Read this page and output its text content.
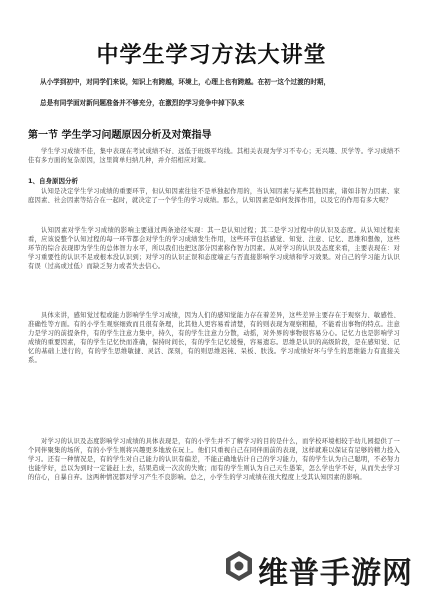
中学生学习方法大讲堂
从小学到初中，对同学们来说，知识上有跨越，环境上，心理上也有跨越。在初一这个过渡的时期，
总是有同学面对新问题准备并不够充分，在激烈的学习竞争中掉下队来
第一节 学生学习问题原因分析及对策指导
学生学习成绩不佳，集中表现在考试成绩不好、远低于班级平均线。其相关表现为学习不专心；无兴趣、厌学等。学习成绩不佳有多方面的复杂原因，这里简单归纳几种，并介绍相应对策。
1、自身原因分析
认知是决定学生学习成绩的重要环节，但认知因素往往不是单独起作用的，当认知因素与某些其他因素，诸如非智力因素、家庭因素、社会因素等结合在一起时，就决定了一个学生的学习成绩。那么，认知因素是如何发挥作用，以及它的作用有多大呢？
认知因素对学生学习成绩的影响主要通过两条途径实现：其一是认知过程；其二是学习过程中的认识及态度。从认知过程来看，应该说整个认知过程的每一环节都会对学生的学习成绩发生作用，这些环节包括感觉、知觉、注意、记忆、思维和想像，这些环节的综合表现即为学生的总体智力水平，所以我们也把这部分因素称作智力因素。从对学习的认识及态度来看，主要表现在：对学习重要性的认识不足或根本没认识到；对学习的认识正误和态度端正与否直接影响学习成绩和学习效果。对自己的学习能力认识有误（过高或过低）而缺乏努力或者失去信心。
具体来讲，感知觉过程或能力影响学生学习成绩，因为人们的感知觉能力存在着差异，这些差异主要存在于观察力、敏感性、准确性等方面。有的小学生观察细致而且很有条理，比其他人更容易看清楚，有的则表现为观察粗糙，不能看出事物的特点。注意力是学习的前提条件，有的学生注意力集中，持久，有的学生注意力分散，动摇，对外界的事物很容易分心。记忆力也是影响学习成绩的重要因素，有的学生记忆快而准确，保持时间长，有的学生记忆缓慢，容易遗忘。思维是认识的高级阶段，是在感知觉、记忆的基础上进行的，有的学生思维敏捷、灵活、深刻，有的则思维迟钝、呆板、肤浅。学习成绩好坏与学生的思维能力有直接关系。
对学习的认识及态度影响学习成绩的具体表现是，有的小学生并不了解学习的目的是什么，而学校环境相较于幼儿园提供了一个同伴聚集的场所，有的小学生则将兴趣更多地放在玩上。他们只重视自己在同伴面前的表现，这样就难以保证有足够的精力投入学习。还有一种情况是，有的学生对自己能力的认识有偏差，不能正确地估计自己的学习能力，有的学生认为自己聪明，不必努力也能学好，总以为到时一定能赶上去，结果造成一次次的失败；而有的学生则认为自己天生愚笨，怎么学也学不好，从而失去学习的信心，自暴自弃。这两种情况都对学习产生不良影响。总之，小学生的学习成绩在很大程度上受其认知因素的影响。
维普手游网
